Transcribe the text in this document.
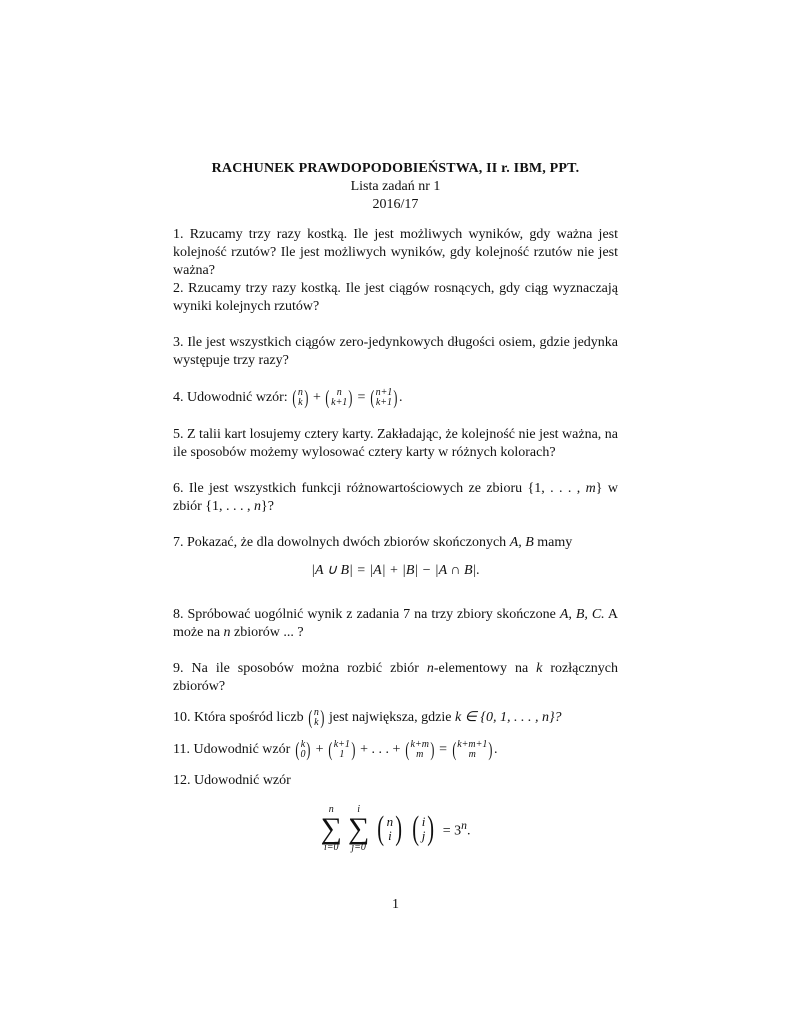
RACHUNEK PRAWDOPODOBIEŃSTWA, II r. IBM, PPT.
Lista zadań nr 1
2016/17

1. Rzucamy trzy razy kostką. Ile jest możliwych wyników, gdy ważna jest kolejność rzutów? Ile jest możliwych wyników, gdy kolejność rzutów nie jest ważna?

2. Rzucamy trzy razy kostką. Ile jest ciągów rosnących, gdy ciąg wyznaczają wyniki kolejnych rzutów?

3. Ile jest wszystkich ciągów zero-jedynkowych długości osiem, gdzie jedynka występuje trzy razy?

4. Udowodnić wzór: ( n
k ) + ( n
k+1 ) = ( n+1
k+1 ) .

5. Z talii kart losujemy cztery karty. Zakładając, że kolejność nie jest ważna, na ile sposobów możemy wylosować cztery karty w różnych kolorach?

6. Ile jest wszystkich funkcji różnowartościowych ze zbioru {1, . . . , m} w zbiór {1, . . . , n}?

7. Pokazać, że dla dowolnych dwóch zbiorów skończonych A, B mamy

|A ∪ B| = |A| + |B| − |A ∩ B|.

8. Spróbować uogólnić wynik z zadania 7 na trzy zbiory skończone A, B, C. A może na n zbiorów ... ?

9. Na ile sposobów można rozbić zbiór n-elementowy na k rozłącznych zbiorów?

10. Która spośród liczb ( n
k ) jest największa, gdzie k ∈ {0, 1, . . . , n}?

11. Udowodnić wzór ( k
0 ) + ( k+1
1 ) + . . . + ( k+m
m ) = ( k+m+1
m ) .

12. Udowodnić wzór

n
∑
i=0
i
∑
j=0
( n
i ) ( i
j ) = $3^n$.
1
